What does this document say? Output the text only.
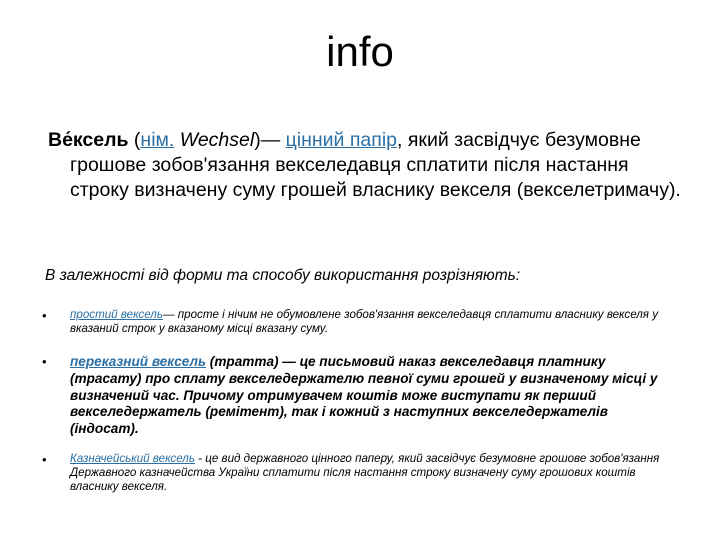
info
Ве́ксель (нім. Wechsel)— цінний папір, який засвідчує безумовне грошове зобов'язання векселедавця сплатити після настання строку визначену суму грошей власнику векселя (векселетримачу).
В залежності від форми та способу використання розрізняють:
• простий вексель— просте і нічим не обумовлене зобов'язання векселедавця сплатити власнику векселя у вказаний строк у вказаному місці вказану суму.
• переказний вексель (тратта) — це письмовий наказ векселедавця платнику (трасату) про сплату векселедержателю певної суми грошей у визначеному місці у визначений час. Причому отримувачем коштів може виступати як перший векселедержатель (ремітент), так і кожний з наступних векселедержателів (індосат).
• Казначейський вексель - це вид державного цінного паперу, який засвідчує безумовне грошове зобов'язання Державного казначейства України сплатити після настання строку визначену суму грошових коштів власнику векселя.
